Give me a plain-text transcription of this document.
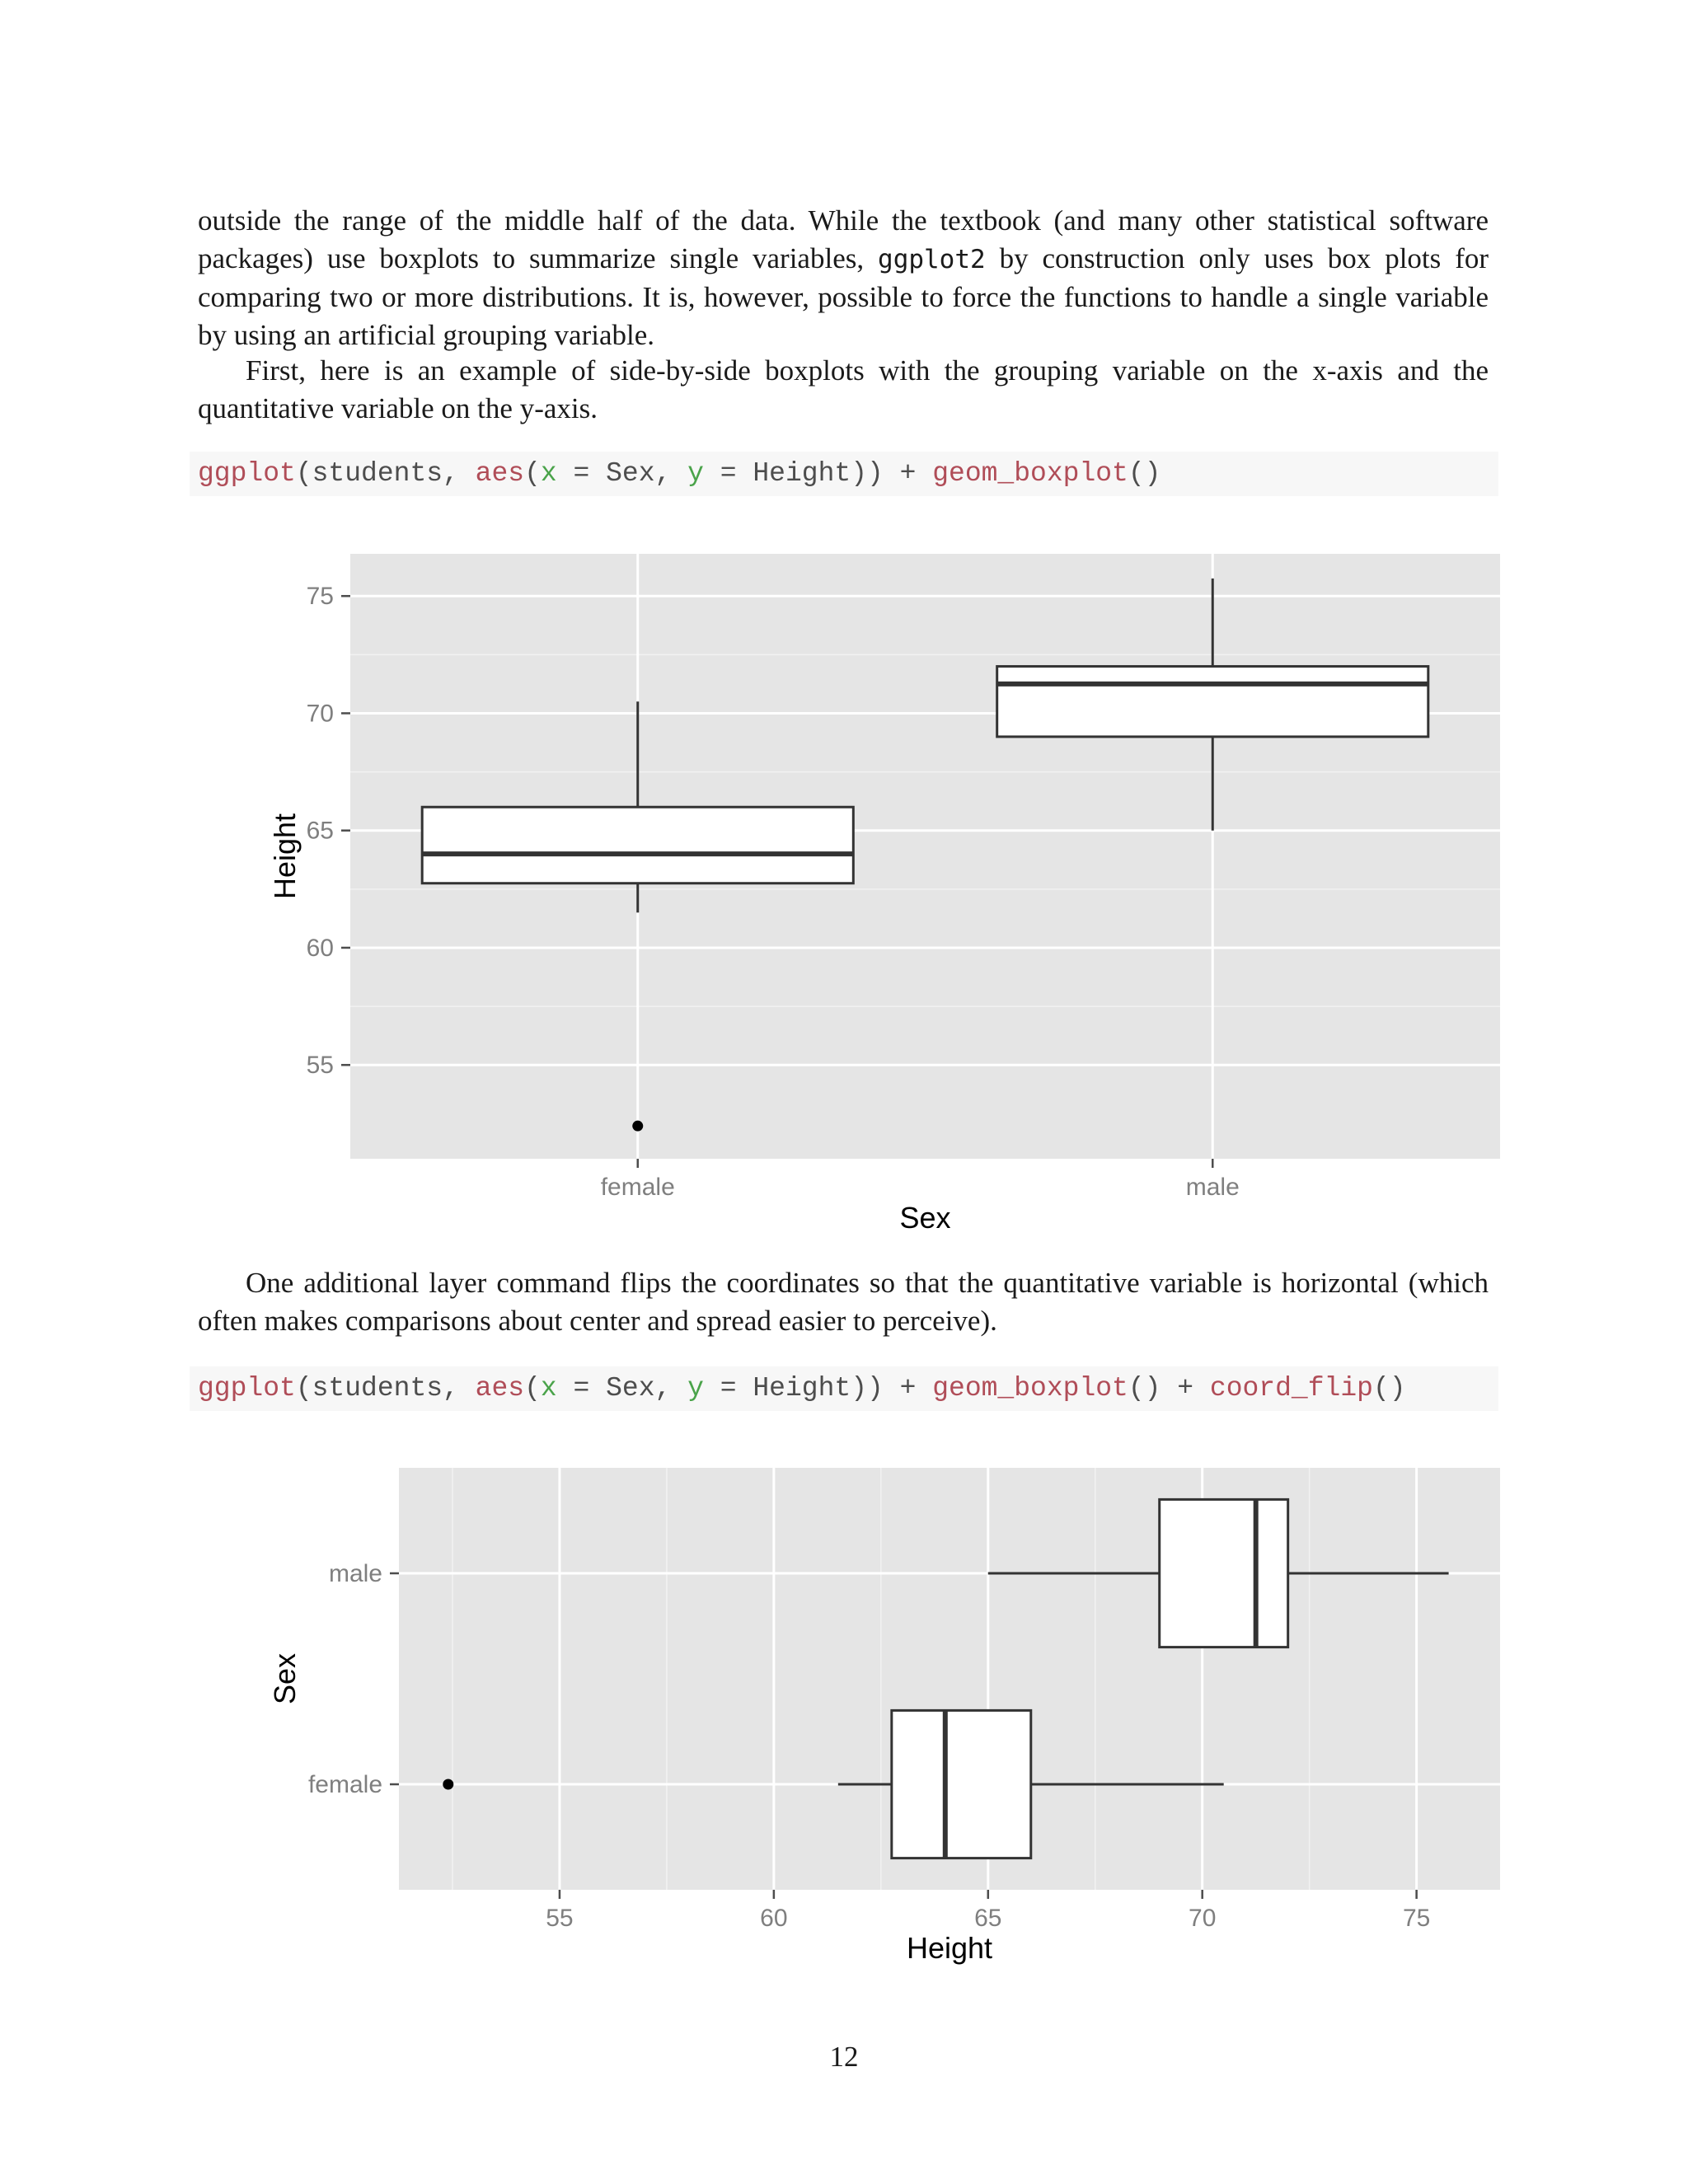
outside the range of the middle half of the data. While the textbook (and many other statistical software packages) use boxplots to summarize single variables, ggplot2 by construction only uses box plots for comparing two or more distributions. It is, however, possible to force the functions to handle a single variable by using an artificial grouping variable.

First, here is an example of side-by-side boxplots with the grouping variable on the x-axis and the quantitative variable on the y-axis.

ggplot(students, aes(x = Sex, y = Height)) + geom_boxplot()
55
60
65
70
75
female	male
Sex
Height

One additional layer command flips the coordinates so that the quantitative variable is horizontal (which often makes comparisons about center and spread easier to perceive).

ggplot(students, aes(x = Sex, y = Height)) + geom_boxplot() + coord_flip()
55	60	65	70	75
female
male
Height
Sex
12
